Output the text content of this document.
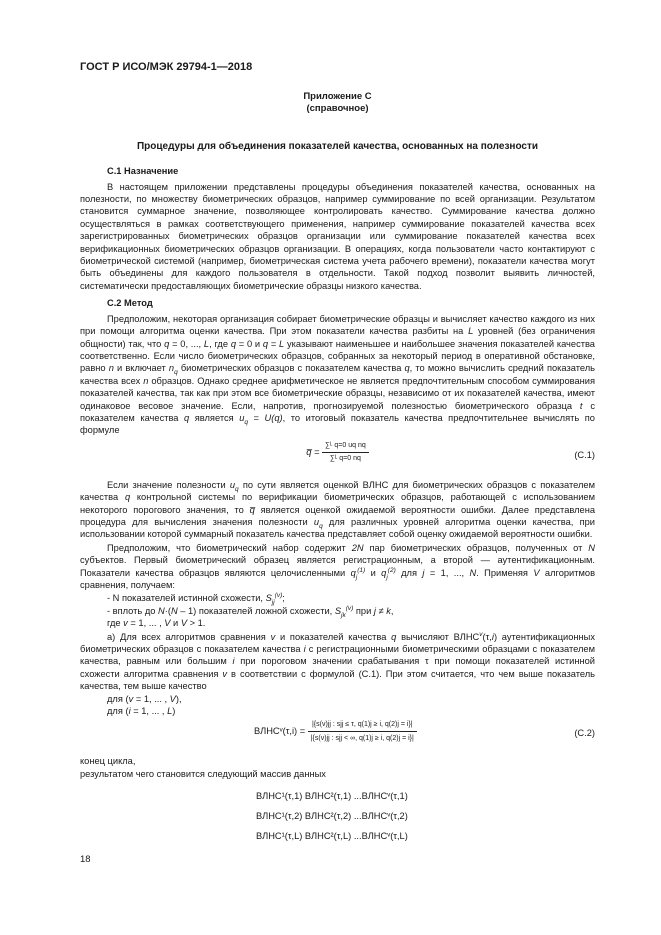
ГОСТ Р ИСО/МЭК 29794-1—2018
Приложение С
(справочное)
Процедуры для объединения показателей качества, основанных на полезности
С.1 Назначение
В настоящем приложении представлены процедуры объединения показателей качества, основанных на полезности, по множеству биометрических образцов, например суммирование по всей организации. Результатом становится суммарное значение, позволяющее контролировать качество. Суммирование качества должно осуществляться в рамках соответствующего применения, например суммирование показателей качества всех зарегистрированных биометрических образцов организации или суммирование показателей качества всех верификационных биометрических образцов организации. В операциях, когда пользователи часто контактируют с биометрической системой (например, биометрическая система учета рабочего времени), показатели качества могут быть объединены для каждого пользователя в отдельности. Такой подход позволит выявить личностей, систематически предоставляющих биометрические образцы низкого качества.
С.2 Метод
Предположим, некоторая организация собирает биометрические образцы и вычисляет качество каждого из них при помощи алгоритма оценки качества. При этом показатели качества разбиты на L уровней (без ограничения общности) так, что q = 0, ..., L, где q = 0 и q = L указывают наименьшее и наибольшее значения показателей качества соответственно. Если число биометрических образцов, собранных за некоторый период в оперативной обстановке, равно n и включает $n_q$ биометрических образцов с показателем качества q, то можно вычислить средний показатель качества всех n образцов. Однако среднее арифметическое не является предпочтительным способом суммирования показателей качества, так как при этом все биометрические образцы, независимо от их показателей качества, имеют одинаковое весовое значение. Если, напротив, прогнозируемой полезностью биометрического образца t с показателем качества q является $u_q = U(q)$, то итоговый показатель качества предпочтительнее вычислять по формуле
q̅ = $\frac{\text{∑ᴸ q=0 uq nq}}{\text{∑ᴸ q=0 nq}}$	(С.1)
Если значение полезности $u_q$ по сути является оценкой ВЛНС для биометрических образцов с показателем качества q контрольной системы по верификации биометрических образцов, работающей с использованием некоторого порогового значения, то q̅ является оценкой ожидаемой вероятности ошибки. Далее представлена процедура для вычисления значения полезности $u_q$ для различных уровней алгоритма оценки качества, при использовании которой суммарный показатель качества представляет собой оценку ожидаемой вероятности ошибки.
Предположим, что биометрический набор содержит 2N пар биометрических образцов, полученных от N субъектов. Первый биометрический образец является регистрационным, а второй — аутентификационным. Показатели качества образцов являются целочисленными $q_j^{(1)}$ и $q_j^{(2)}$ для j = 1, ..., N. Применяя V алгоритмов сравнения, получаем:
- N показателей истинной схожести, $S_{jj}^{(v)}$;
- вплоть до N·(N – 1) показателей ложной схожести, $S_{jk}^{(v)}$ при j ≠ k,
где v = 1, ... , V и V > 1.
а) Для всех алгоритмов сравнения v и показателей качества q вычисляют ВЛНС$^v$(τ,i) аутентификационных биометрических образцов с показателем качества i с регистрационными биометрическими образцами с показателем качества, равным или большим i при пороговом значении срабатывания τ при помощи показателей истинной схожести алгоритма сравнения v в соответствии с формулой (С.1). При этом считается, что чем выше показатель качества, тем выше качество
для (v = 1, ... , V),
для (i = 1, ... , L)
ВЛНСᵛ(τ,i) = $\frac{\text{|\{s(v)jj : sjj ≤ τ, q(1)j ≥ i, q(2)j = i\}|}}{\text{|\{s(v)jj : sjj < ∞, q(1)j ≥ i, q(2)j = i\}|}}$	(С.2)
конец цикла,
результатом чего становится следующий массив данных
ВЛНС¹(τ,1) ВЛНС²(τ,1) ...ВЛНСᵛ(τ,1)
ВЛНС¹(τ,2) ВЛНС²(τ,2) ...ВЛНСᵛ(τ,2)
ВЛНС¹(τ,L) ВЛНС²(τ,L) ...ВЛНСᵛ(τ,L)
18
